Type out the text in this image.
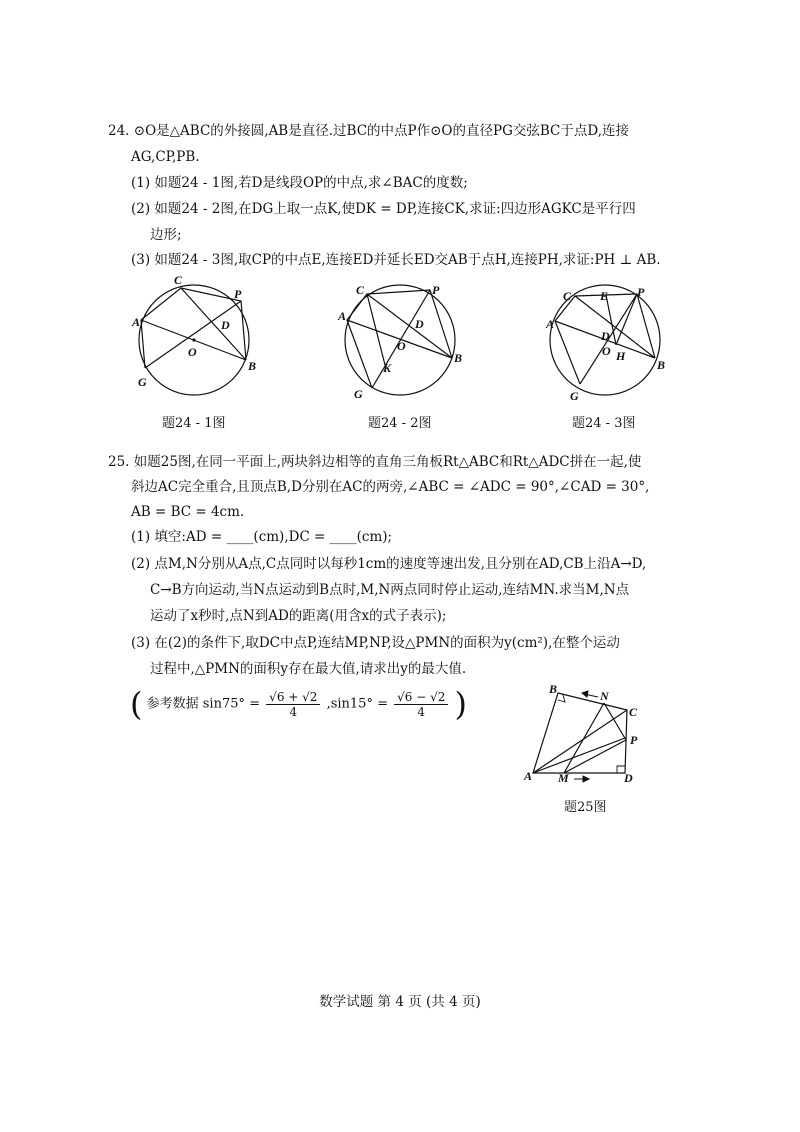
24. ⊙O是△ABC的外接圆,AB是直径.过BC的中点P作⊙O的直径PG交弦BC于点D,连接
AG,CP,PB.
(1) 如题24 - 1图,若D是线段OP的中点,求∠BAC的度数;
(2) 如题24 - 2图,在DG上取一点K,使DK = DP,连接CK,求证:四边形AGKC是平行四
边形;
(3) 如题24 - 3图,取CP的中点E,连接ED并延长ED交AB于点H,连接PH,求证:PH ⊥ AB.
A
C
P
D
O
B
G
题24 - 1图
A
C	P
D
O
B
K
G
题24 - 2图
C E P
A
D
O H
B
G
题24 - 3图
25. 如题25图,在同一平面上,两块斜边相等的直角三角板Rt△ABC和Rt△ADC拼在一起,使
斜边AC完全重合,且顶点B,D分别在AC的两旁,∠ABC = ∠ADC = 90°,∠CAD = 30°,
AB = BC = 4cm.
(1) 填空:AD = ____(cm),DC = ____(cm);
(2) 点M,N分别从A点,C点同时以每秒1cm的速度等速出发,且分别在AD,CB上沿A→D,
C→B方向运动,当N点运动到B点时,M,N两点同时停止运动,连结MN.求当M,N点
运动了x秒时,点N到AD的距离(用含x的式子表示);
(3) 在(2)的条件下,取DC中点P,连结MP,NP,设△PMN的面积为y(cm²),在整个运动
过程中,△PMN的面积y存在最大值,请求出y的最大值.
( 参考数据 $\sin 75^\circ = \frac{√6 + √2}{4} ,\sin 15^\circ = \frac{√6 - √2}{4}$ )	B	N
C
P
A M	D
题25图
数学试题 第 4 页 (共 4 页)
